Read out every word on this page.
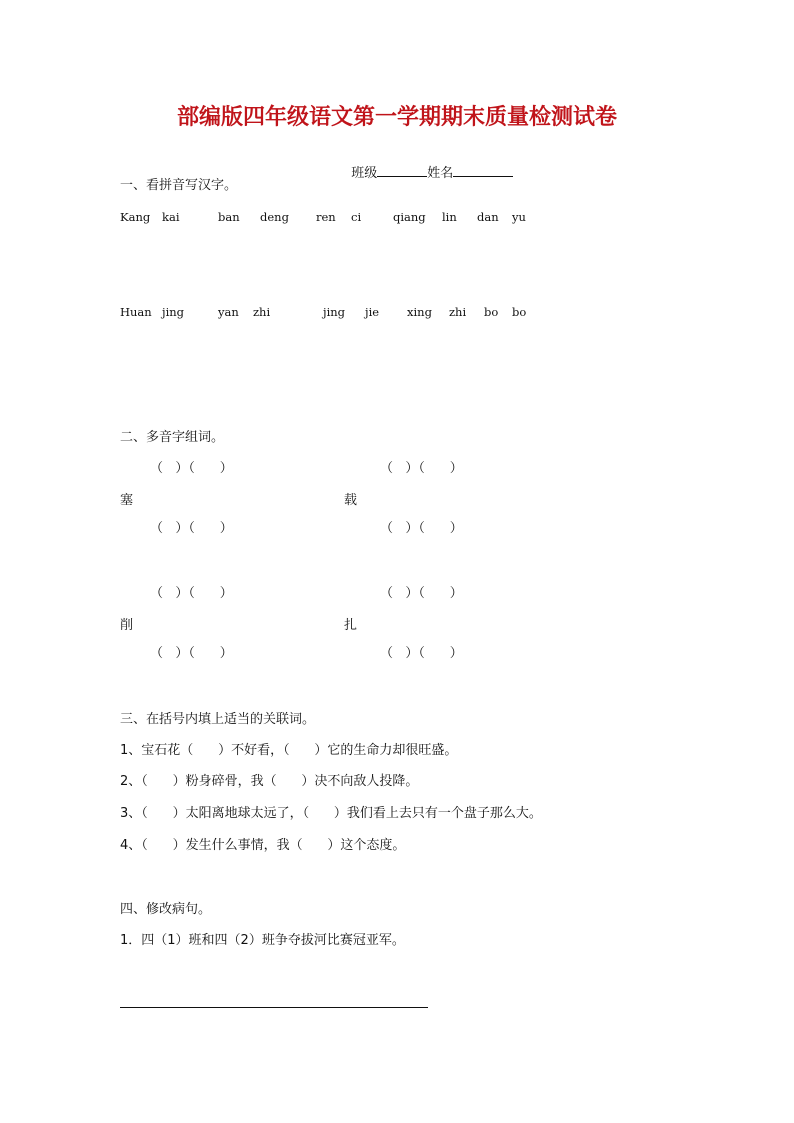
部编版四年级语文第一学期期末质量检测试卷

班级	姓名

一、看拼音写汉字。

Kang

kai

	ban

deng

ren

ci

	qiang

lin

dan

yu

Huan

jing

	yan

zhi

	jing

jie

xing

zhi

bo

bo

二、多音字组词。
（   ）（      ）	（   ）（      ）
塞	载
（   ）（      ）	（   ）（      ）
（   ）（      ）	（   ）（      ）
削	扎
（   ）（      ）	（   ）（      ）
三、在括号内填上适当的关联词。
1、宝石花（      ）不好看，（      ）它的生命力却很旺盛。
2、（      ）粉身碎骨，我（      ）决不向敌人投降。
3、（      ）太阳离地球太远了，（      ）我们看上去只有一个盘子那么大。
4、（      ）发生什么事情，我（      ）这个态度。
四、修改病句。
1．四（1）班和四（2）班争夺拔河比赛冠亚军。
